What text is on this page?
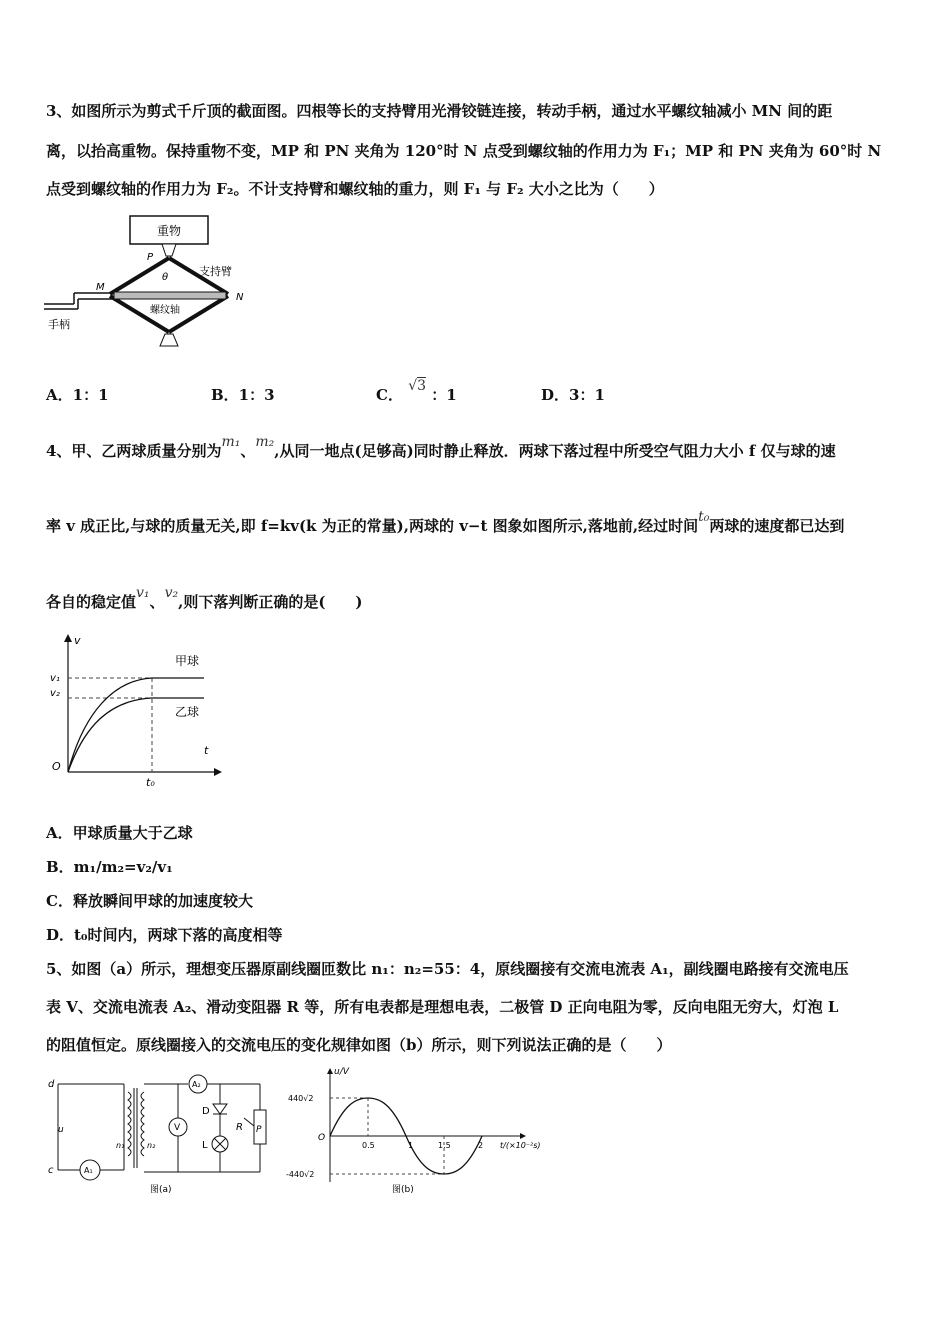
3、如图所示为剪式千斤顶的截面图。四根等长的支持臂用光滑铰链连接，转动手柄，通过水平螺纹轴减小 MN 间的距
离，以抬高重物。保持重物不变，MP 和 PN 夹角为 120°时 N 点受到螺纹轴的作用力为 F₁；MP 和 PN 夹角为 60°时 N
点受到螺纹轴的作用力为 F₂。不计支持臂和螺纹轴的重力，则 F₁ 与 F₂ 大小之比为（　　）
重物
P
θ	支持臂
M
N
螺纹轴
手柄
A．1：1	B．1：3	C． √3 ：1	D．3：1
4、甲、乙两球质量分别为m₁、m₂,从同一地点(足够高)同时静止释放．两球下落过程中所受空气阻力大小 f 仅与球的速
率 v 成正比,与球的质量无关,即 f=kv(k 为正的常量),两球的 v−t 图象如图所示,落地前,经过时间t₀两球的速度都已达到
各自的稳定值v₁、v₂,则下落判断正确的是(　　)
v
t
O
v₁
v₂
t₀
甲球
乙球
A．甲球质量大于乙球
B．m₁/m₂=v₂/v₁
C．释放瞬间甲球的加速度较大
D．t₀时间内，两球下落的高度相等
5、如图（a）所示，理想变压器原副线圈匝数比 n₁：n₂=55：4，原线圈接有交流电流表 A₁，副线圈电路接有交流电压
表 V、交流电流表 A₂、滑动变阻器 R 等，所有电表都是理想电表，二极管 D 正向电阻为零，反向电阻无穷大，灯泡 L
的阻值恒定。原线圈接入的交流电压的变化规律如图（b）所示，则下列说法正确的是（　　）
d
c
u
n₁	n₂
A₁
A₂
V
D
L
R P
图(a)
u/V
t/(×10⁻²s)
440√2
-440√2
O
0.5	1	1.5	2
图(b)
